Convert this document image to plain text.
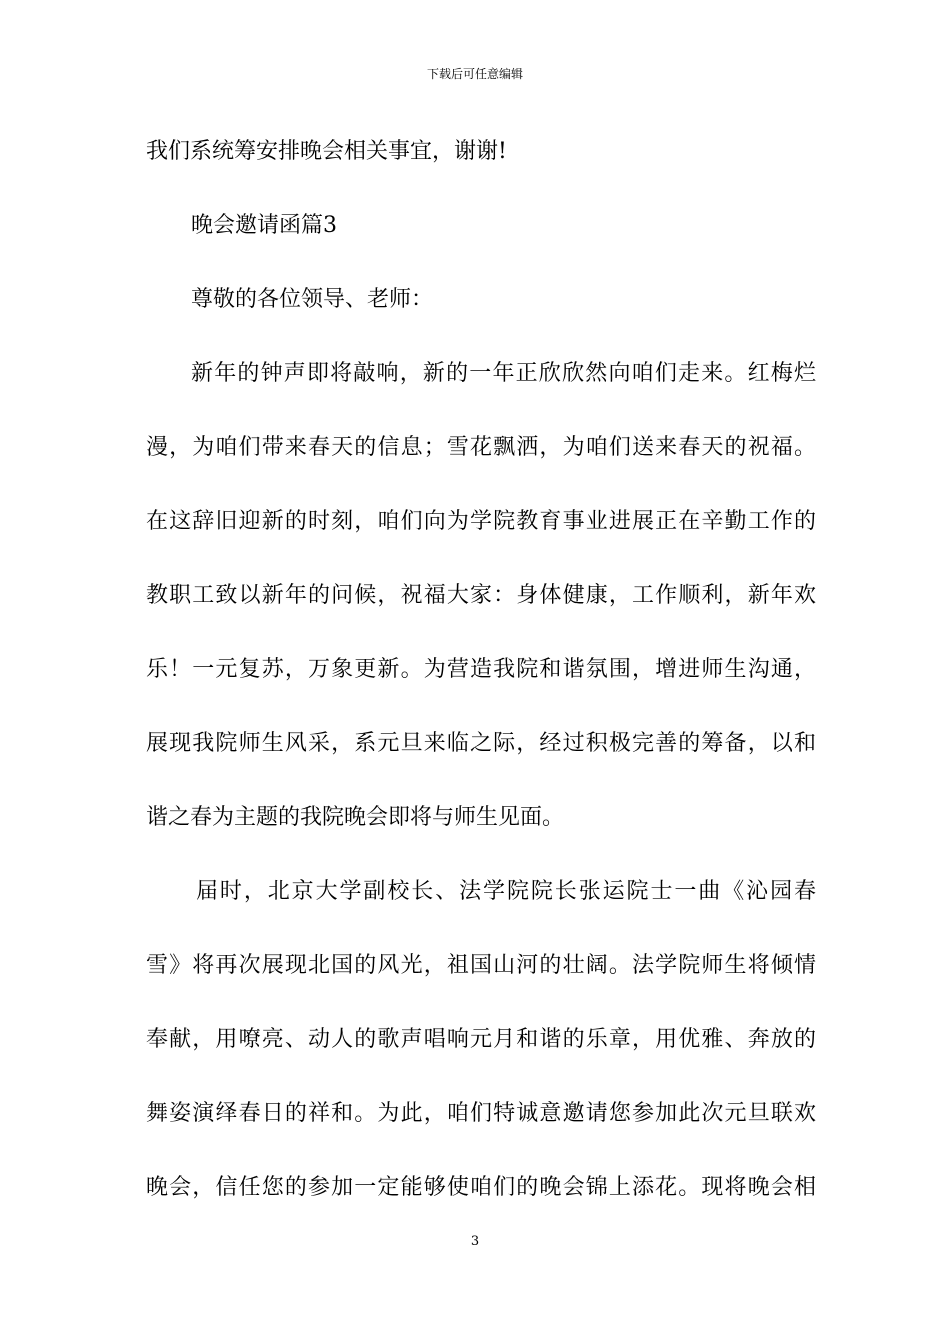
下载后可任意编辑
我们系统筹安排晚会相关事宜，谢谢!
晚会邀请函篇3
尊敬的各位领导、老师：
新年的钟声即将敲响，新的一年正欣欣然向咱们走来。红梅烂
漫，为咱们带来春天的信息；雪花飘洒，为咱们送来春天的祝福。
在这辞旧迎新的时刻，咱们向为学院教育事业进展正在辛勤工作的
教职工致以新年的问候，祝福大家：身体健康，工作顺利，新年欢
乐！一元复苏，万象更新。为营造我院和谐氛围，增进师生沟通，
展现我院师生风采，系元旦来临之际，经过积极完善的筹备，以和
谐之春为主题的我院晚会即将与师生见面。
届时，北京大学副校长、法学院院长张运院士一曲《沁园春
雪》将再次展现北国的风光，祖国山河的壮阔。法学院师生将倾情
奉献，用嘹亮、动人的歌声唱响元月和谐的乐章，用优雅、奔放的
舞姿演绎春日的祥和。为此，咱们特诚意邀请您参加此次元旦联欢
晚会，信任您的参加一定能够使咱们的晚会锦上添花。现将晚会相
3
